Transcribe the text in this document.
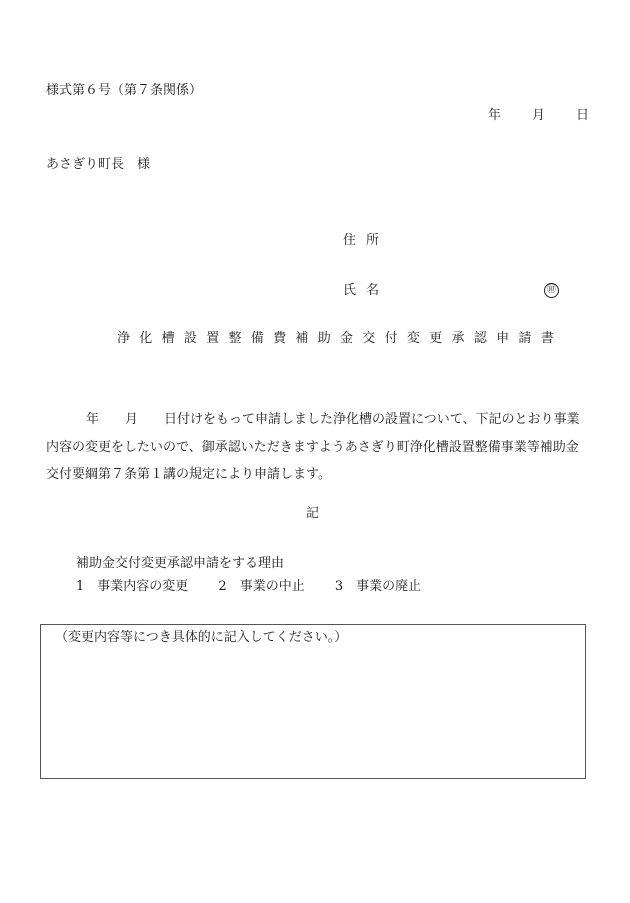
様式第６号（第７条関係）
年 月 日
あさぎり町長　様
住所
氏名	㊞
浄化槽設置整備費補助金交付変更承認申請書
年　　月　　日付けをもって申請しました浄化槽の設置について、下記のとおり事業内容の変更をしたいので、御承認いただきますようあさぎり町浄化槽設置整備事業等補助金交付要綱第７条第１講の規定により申請します。
記
補助金交付変更承認申請をする理由
1　事業内容の変更 2　事業の中止 3　事業の廃止
（変更内容等につき具体的に記入してください。）
